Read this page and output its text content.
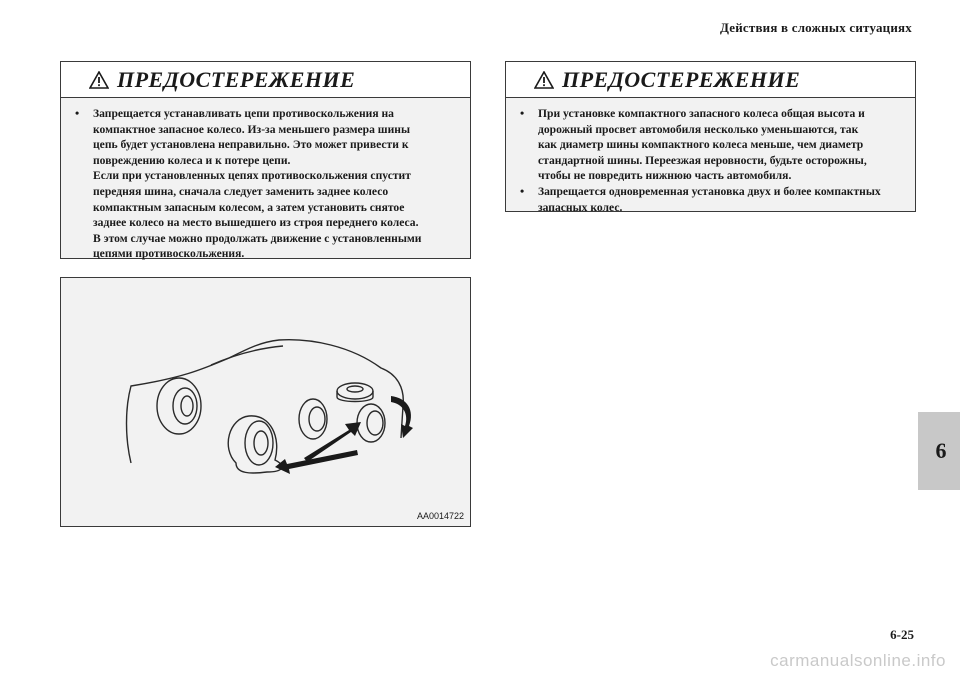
Действия в сложных ситуациях
ПРЕДОСТЕРЕЖЕНИЕ
•	Запрещается устанавливать цепи противоскольжения на
компактное запасное колесо. Из-за меньшего размера шины
цепь будет установлена неправильно. Это может привести к
повреждению колеса и к потере цепи.
Если при установленных цепях противоскольжения спустит
передняя шина, сначала следует заменить заднее колесо
компактным запасным колесом, а затем установить снятое
заднее колесо на место вышедшего из строя переднего колеса.
В этом случае можно продолжать движение с установленными
цепями противоскольжения.
ПРЕДОСТЕРЕЖЕНИЕ
•	При установке компактного запасного колеса общая высота и
дорожный просвет автомобиля несколько уменьшаются, так
как диаметр шины компактного колеса меньше, чем диаметр
стандартной шины. Переезжая неровности, будьте осторожны,
чтобы не повредить нижнюю часть автомобиля.
•	Запрещается одновременная установка двух и более компактных
запасных колес.
AA0014722
6
6-25
carmanualsonline.info
